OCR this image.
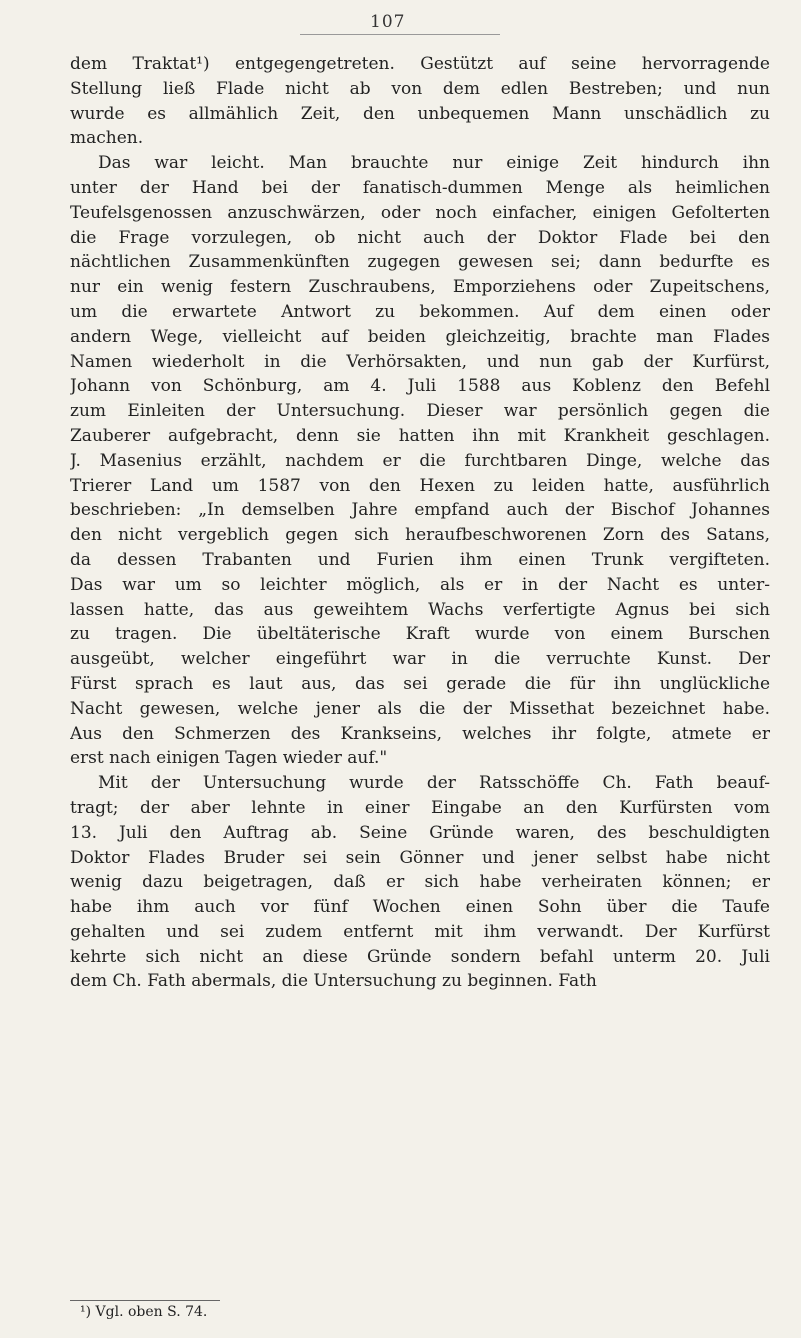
107
dem Traktat¹) entgegengetreten. Gestützt auf seine hervorragende
Stellung ließ Flade nicht ab von dem edlen Bestreben; und nun
wurde es allmählich Zeit, den unbequemen Mann unschädlich zu
machen.
Das war leicht. Man brauchte nur einige Zeit hindurch ihn
unter der Hand bei der fanatisch-dummen Menge als heimlichen
Teufelsgenossen anzuschwärzen, oder noch einfacher, einigen Gefolterten
die Frage vorzulegen, ob nicht auch der Doktor Flade bei den
nächtlichen Zusammenkünften zugegen gewesen sei; dann bedurfte es
nur ein wenig festern Zuschraubens, Emporziehens oder Zupeitschens,
um die erwartete Antwort zu bekommen. Auf dem einen oder
andern Wege, vielleicht auf beiden gleichzeitig, brachte man Flades
Namen wiederholt in die Verhörsakten, und nun gab der Kurfürst,
Johann von Schönburg, am 4. Juli 1588 aus Koblenz den Befehl
zum Einleiten der Untersuchung. Dieser war persönlich gegen die
Zauberer aufgebracht, denn sie hatten ihn mit Krankheit geschlagen.
J. Masenius erzählt, nachdem er die furchtbaren Dinge, welche das
Trierer Land um 1587 von den Hexen zu leiden hatte, ausführlich
beschrieben: „In demselben Jahre empfand auch der Bischof Johannes
den nicht vergeblich gegen sich heraufbeschworenen Zorn des Satans,
da dessen Trabanten und Furien ihm einen Trunk vergifteten.
Das war um so leichter möglich, als er in der Nacht es unter-
lassen hatte, das aus geweihtem Wachs verfertigte Agnus bei sich
zu tragen. Die übeltäterische Kraft wurde von einem Burschen
ausgeübt, welcher eingeführt war in die verruchte Kunst. Der
Fürst sprach es laut aus, das sei gerade die für ihn unglückliche
Nacht gewesen, welche jener als die der Missethat bezeichnet habe.
Aus den Schmerzen des Krankseins, welches ihr folgte, atmete er
erst nach einigen Tagen wieder auf."
Mit der Untersuchung wurde der Ratsschöffe Ch. Fath beauf-
tragt; der aber lehnte in einer Eingabe an den Kurfürsten vom
13. Juli den Auftrag ab. Seine Gründe waren, des beschuldigten
Doktor Flades Bruder sei sein Gönner und jener selbst habe nicht
wenig dazu beigetragen, daß er sich habe verheiraten können; er
habe ihm auch vor fünf Wochen einen Sohn über die Taufe
gehalten und sei zudem entfernt mit ihm verwandt. Der Kurfürst
kehrte sich nicht an diese Gründe sondern befahl unterm 20. Juli
dem Ch. Fath abermals, die Untersuchung zu beginnen. Fath
¹) Vgl. oben S. 74.
